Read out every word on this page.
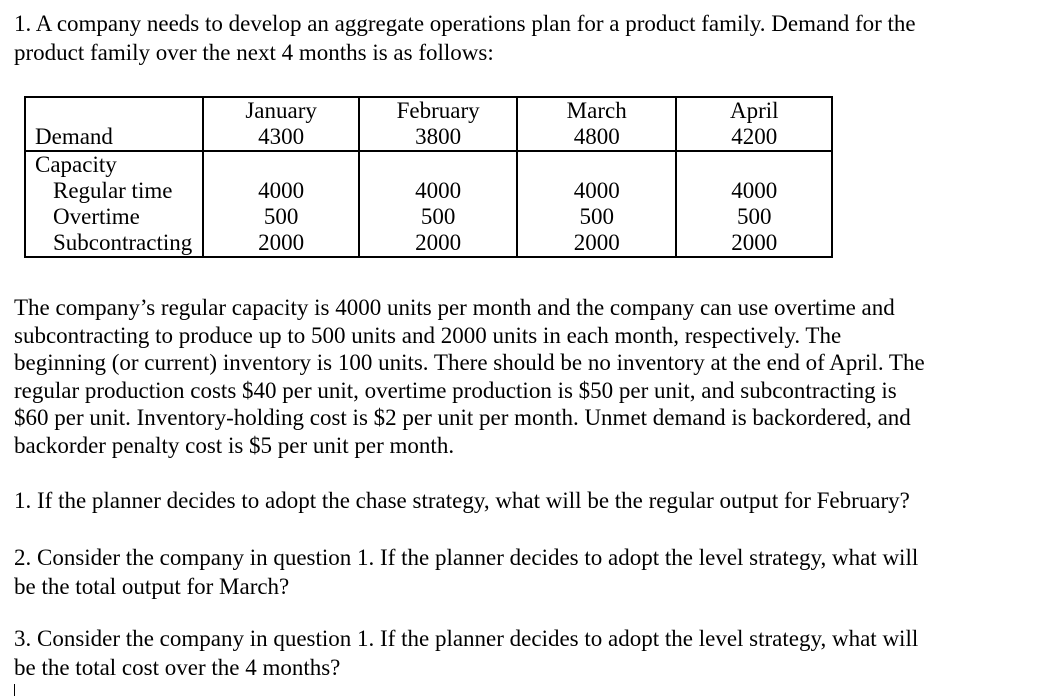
1. A company needs to develop an aggregate operations plan for a product family. Demand for the
product family over the next 4 months is as follows:

	January	February	March	April
Demand	4300	3800	4800	4200
Capacity				
Regular time	4000	4000	4000	4000
Overtime	500	500	500	500
Subcontracting	2000	2000	2000	2000

The company’s regular capacity is 4000 units per month and the company can use overtime and
subcontracting to produce up to 500 units and 2000 units in each month, respectively. The
beginning (or current) inventory is 100 units. There should be no inventory at the end of April. The
regular production costs $40 per unit, overtime production is $50 per unit, and subcontracting is
$60 per unit. Inventory-holding cost is $2 per unit per month. Unmet demand is backordered, and
backorder penalty cost is $5 per unit per month.

1. If the planner decides to adopt the chase strategy, what will be the regular output for February?

2. Consider the company in question 1. If the planner decides to adopt the level strategy, what will
be the total output for March?

3. Consider the company in question 1. If the planner decides to adopt the level strategy, what will
be the total cost over the 4 months?
